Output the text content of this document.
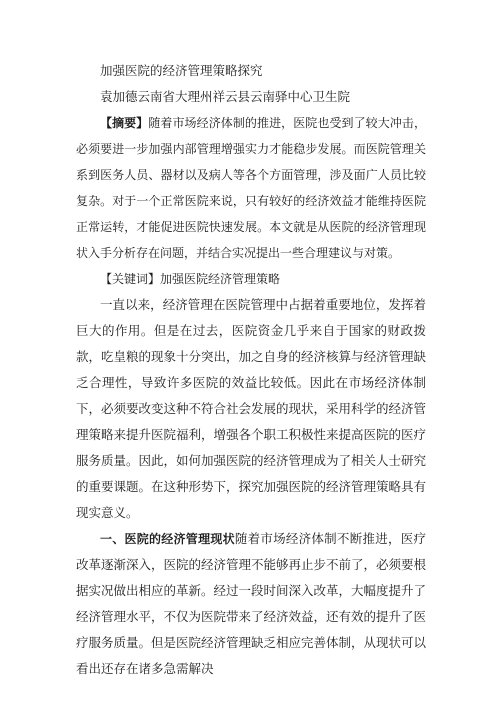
加强医院的经济管理策略探究

袁加德云南省大理州祥云县云南驿中心卫生院

【摘要】随着市场经济体制的推进，医院也受到了较大冲击，必须要进一步加强内部管理增强实力才能稳步发展。而医院管理关系到医务人员、器材以及病人等各个方面管理，涉及面广人员比较复杂。对于一个正常医院来说，只有较好的经济效益才能维持医院正常运转，才能促进医院快速发展。本文就是从医院的经济管理现状入手分析存在问题，并结合实况提出一些合理建议与对策。

【关键词】加强医院经济管理策略

一直以来，经济管理在医院管理中占据着重要地位，发挥着巨大的作用。但是在过去，医院资金几乎来自于国家的财政拨款，吃皇粮的现象十分突出，加之自身的经济核算与经济管理缺乏合理性，导致许多医院的效益比较低。因此在市场经济体制下，必须要改变这种不符合社会发展的现状，采用科学的经济管理策略来提升医院福利，增强各个职工积极性来提高医院的医疗服务质量。因此，如何加强医院的经济管理成为了相关人士研究的重要课题。在这种形势下，探究加强医院的经济管理策略具有现实意义。

一、医院的经济管理现状随着市场经济体制不断推进，医疗改革逐渐深入，医院的经济管理不能够再止步不前了，必须要根据实况做出相应的革新。经过一段时间深入改革，大幅度提升了经济管理水平，不仅为医院带来了经济效益，还有效的提升了医疗服务质量。但是医院经济管理缺乏相应完善体制，从现状可以看出还存在诸多急需解决
